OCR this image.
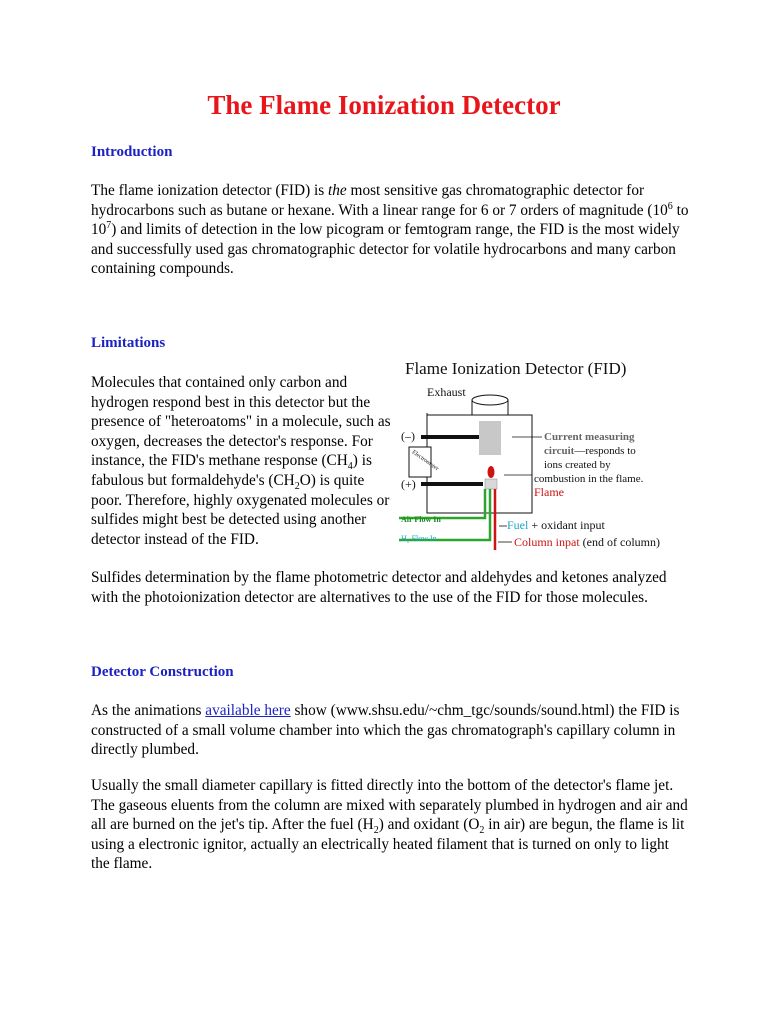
The Flame Ionization Detector
Introduction

The flame ionization detector (FID) is the most sensitive gas chromatographic detector for hydrocarbons such as butane or hexane. With a linear range for 6 or 7 orders of magnitude ($10^6$ to $10^7$) and limits of detection in the low picogram or femtogram range, the FID is the most widely and successfully used gas chromatographic detector for volatile hydrocarbons and many carbon containing compounds.

Limitations

Molecules that contained only carbon and hydrogen respond best in this detector but the presence of "heteroatoms" in a molecule, such as oxygen, decreases the detector's response. For instance, the FID's methane response $(CH_4)$ is fabulous but formaldehyde's $(CH_2O)$ is quite poor. Therefore, highly oxygenated molecules or sulfides might best be detected using another detector instead of the FID.

Sulfides determination by the flame photometric detector and aldehydes and ketones analyzed with the photoionization detector are alternatives to the use of the FID for those molecules.

Flame Ionization Detector (FID)
Exhaust
Electrometer
(–)
(+)
Air Flow In
H₂ Flow In
Current measuring
circuit—responds to
ions created by
combustion in the flame.
Flame
Fuel + oxidant input
Column inpat (end of column)
Detector Construction

As the animations available here show (www.shsu.edu/~chm_tgc/sounds/sound.html) the FID is constructed of a small volume chamber into which the gas chromatograph's capillary column in directly plumbed.

Usually the small diameter capillary is fitted directly into the bottom of the detector's flame jet. The gaseous eluents from the column are mixed with separately plumbed in hydrogen and air and all are burned on the jet's tip. After the fuel $(H_2)$ and oxidant ($O_2$ in air) are begun, the flame is lit using a electronic ignitor, actually an electrically heated filament that is turned on only to light the flame.
